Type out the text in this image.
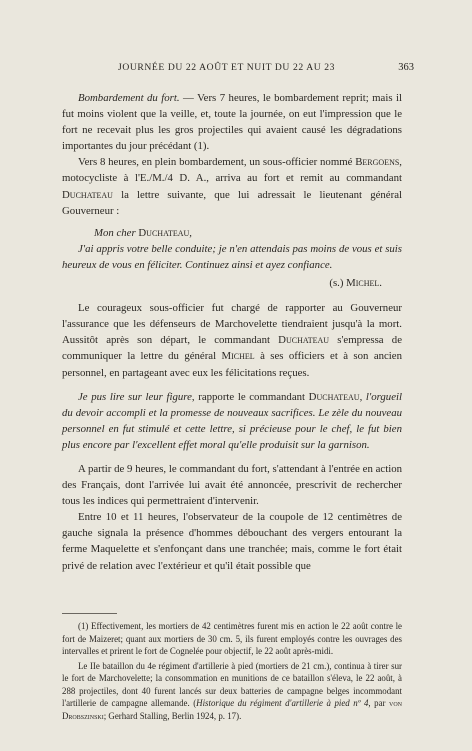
JOURNÉE DU 22 AOÛT ET NUIT DU 22 AU 23	363

Bombardement du fort. — Vers 7 heures, le bombardement reprit; mais il fut moins violent que la veille, et, toute la journée, on eut l'impression que le fort ne recevait plus les gros projectiles qui avaient causé les dégradations importantes du jour précédant (1).

Vers 8 heures, en plein bombardement, un sous-officier nommé Bergoens, motocycliste à l'E./M./4 D. A., arriva au fort et remit au commandant Duchateau la lettre suivante, que lui adressait le lieutenant général Gouverneur :

Mon cher Duchateau,

J'ai appris votre belle conduite; je n'en attendais pas moins de vous et suis heureux de vous en féliciter. Continuez ainsi et ayez confiance.

(s.) Michel.

Le courageux sous-officier fut chargé de rapporter au Gouverneur l'assurance que les défenseurs de Marchovelette tiendraient jusqu'à la mort. Aussitôt après son départ, le commandant Duchateau s'empressa de communiquer la lettre du général Michel à ses officiers et à son ancien personnel, en partageant avec eux les félicitations reçues.

Je pus lire sur leur figure, rapporte le commandant Duchateau, l'orgueil du devoir accompli et la promesse de nouveaux sacrifices. Le zèle du nouveau personnel en fut stimulé et cette lettre, si précieuse pour le chef, le fut bien plus encore par l'excellent effet moral qu'elle produisit sur la garnison.

A partir de 9 heures, le commandant du fort, s'attendant à l'entrée en action des Français, dont l'arrivée lui avait été annoncée, prescrivit de rechercher tous les indices qui permettraient d'intervenir.

Entre 10 et 11 heures, l'observateur de la coupole de 12 centimètres de gauche signala la présence d'hommes débouchant des vergers entourant la ferme Maquelette et s'enfonçant dans une tranchée; mais, comme le fort était privé de relation avec l'extérieur et qu'il était possible que

(1) Effectivement, les mortiers de 42 centimètres furent mis en action le 22 août contre le fort de Maizeret; quant aux mortiers de 30 cm. 5, ils furent employés contre les ouvrages des intervalles et prirent le fort de Cognelée pour objectif, le 22 août après-midi.

Le IIe bataillon du 4e régiment d'artillerie à pied (mortiers de 21 cm.), continua à tirer sur le fort de Marchovelette; la consommation en munitions de ce bataillon s'éleva, le 22 août, à 288 projectiles, dont 40 furent lancés sur deux batteries de campagne belges incommodant l'artillerie de campagne allemande. (Historique du régiment d'artillerie à pied nº 4, par von Drobszinski; Gerhard Stalling, Berlin 1924, p. 17).
